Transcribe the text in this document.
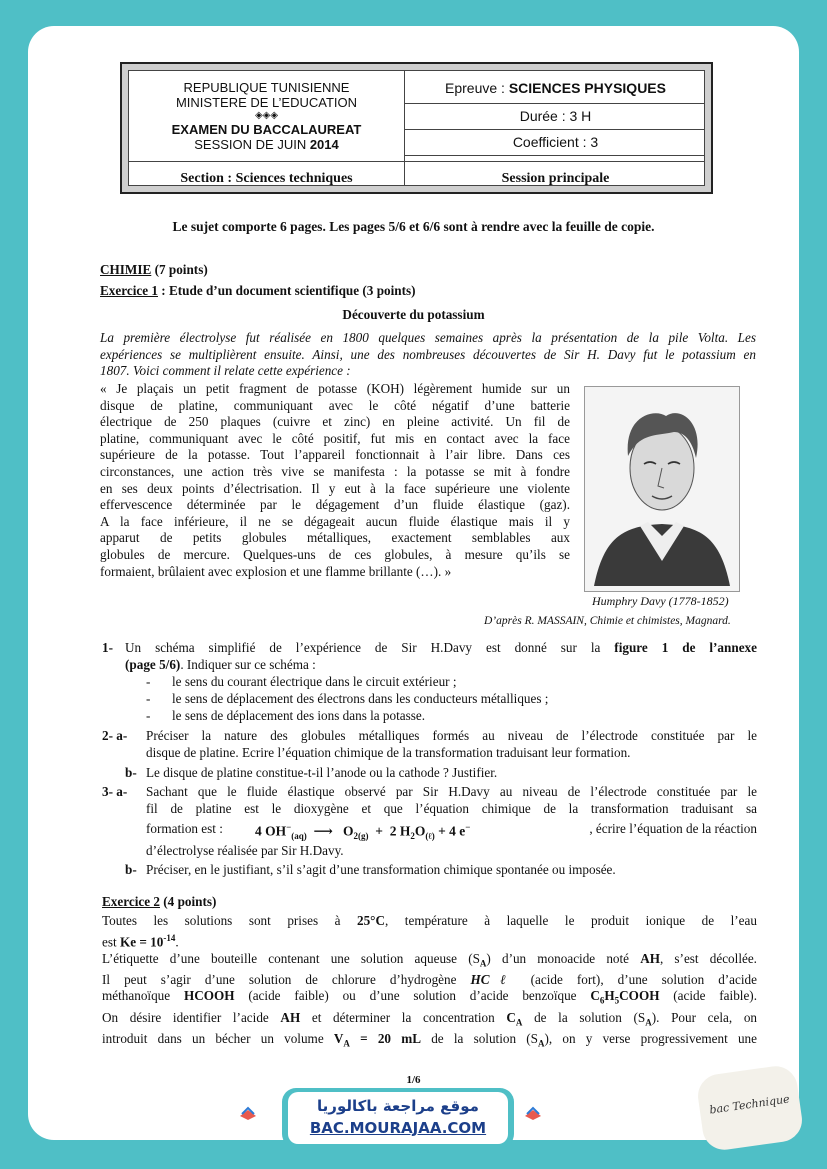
REPUBLIQUE TUNISIENNE
MINISTERE DE L’EDUCATION
◈◈◈
EXAMEN DU BACCALAUREAT
SESSION DE JUIN 2014
Section : Sciences techniques
Epreuve : SCIENCES PHYSIQUES
Durée : 3 H
Coefficient : 3
Session principale
Le sujet comporte 6 pages. Les pages 5/6 et 6/6 sont à rendre avec la feuille de copie.
CHIMIE (7 points)
Exercice 1 : Etude d’un document scientifique (3 points)
Découverte du potassium
La première électrolyse fut réalisée en 1800 quelques semaines après la présentation de la pile Volta. Les
expériences se multiplièrent ensuite. Ainsi, une des nombreuses découvertes de Sir H. Davy fut le potassium en
1807. Voici comment il relate cette expérience :
« Je plaçais un petit fragment de potasse (KOH) légèrement humide sur un
disque de platine, communiquant avec le côté négatif d’une batterie
électrique de 250 plaques (cuivre et zinc) en pleine activité. Un fil de
platine, communiquant avec le côté positif, fut mis en contact avec la face
supérieure de la potasse. Tout l’appareil fonctionnait à l’air libre. Dans ces
circonstances, une action très vive se manifesta : la potasse se mit à fondre
en ses deux points d’électrisation. Il y eut à la face supérieure une violente
effervescence déterminée par le dégagement d’un fluide élastique (gaz).
A la face inférieure, il ne se dégageait aucun fluide élastique mais il y
apparut de petits globules métalliques, exactement semblables aux
globules de mercure. Quelques-uns de ces globules, à mesure qu’ils se
formaient, brûlaient avec explosion et une flamme brillante (…). »
Humphry Davy (1778-1852)
D’après R. MASSAIN, Chimie et chimistes, Magnard.
1- Un schéma simplifié de l’expérience de Sir H.Davy est donné sur la figure 1 de l’annexe
(page 5/6). Indiquer sur ce schéma :
- le sens du courant électrique dans le circuit extérieur ;
- le sens de déplacement des électrons dans les conducteurs métalliques ;
- le sens de déplacement des ions dans la potasse.
2- a- Préciser la nature des globules métalliques formés au niveau de l’électrode constituée par le
disque de platine. Ecrire l’équation chimique de la transformation traduisant leur formation.
b- Le disque de platine constitue-t-il l’anode ou la cathode ? Justifier.
3- a- Sachant que le fluide élastique observé par Sir H.Davy au niveau de l’électrode constituée par le
fil de platine est le dioxygène et que l’équation chimique de la transformation traduisant sa
formation est : 4 $OH^-_{(aq)}$  ⟶   $O_{2(g)} + 2$ $H_2O_{(\ell)} + 4$ e−	, écrire l’équation de la réaction
d’électrolyse réalisée par Sir H.Davy.
b- Préciser, en le justifiant, s’il s’agit d’une transformation chimique spontanée ou imposée.
Exercice 2 (4 points)
Toutes les solutions sont prises à 25°C, température à laquelle le produit ionique de l’eau
est $Ke = 10^{-14}$.
L’étiquette d’une bouteille contenant une solution aqueuse $(S_A)$ d’un monoacide noté AH, s’est décollée.
Il peut s’agir d’une solution de chlorure d’hydrogène HCℓ (acide fort), d’une solution d’acide
méthanoïque HCOOH (acide faible) ou d’une solution d’acide benzoïque $C_6H_5COOH$ (acide faible).
On désire identifier l’acide AH et déterminer la concentration $C_A$ de la solution $(S_A)$. Pour cela, on
introduit dans un bécher un volume $V_A = 20$ mL de la solution $(S_A)$, on y verse progressivement une
1/6
موقع مراجعة باكالوريا
BAC.MOURAJAA.COM
bac Technique
